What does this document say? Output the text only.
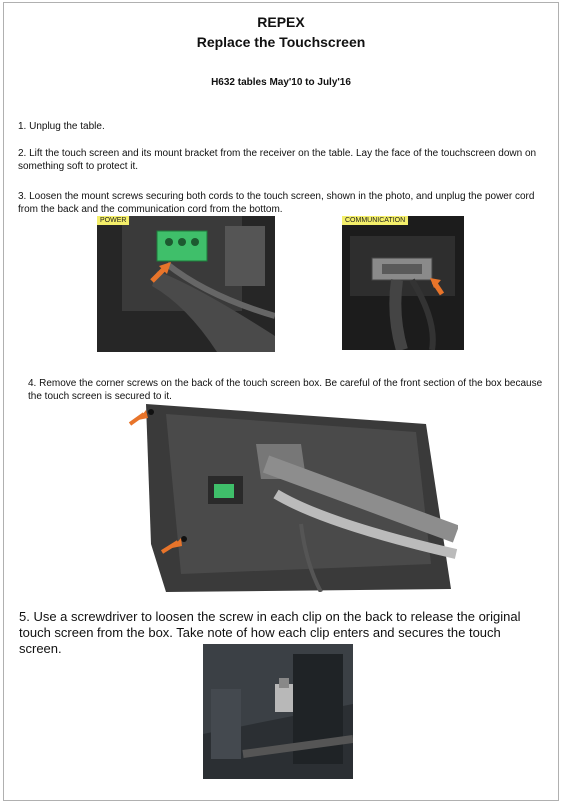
REPEX
Replace the Touchscreen
H632 tables May'10 to July'16

1. Unplug the table.

2. Lift the touch screen and its mount bracket from the receiver on the table. Lay the face of the touchscreen down on something soft to protect it.

3. Loosen the mount screws securing both cords to the touch screen, shown in the photo, and unplug the power cord from the back and the communication cord from the bottom.

POWER	COMMUNICATION

4. Remove the corner screws on the back of the touch screen box. Be careful of the front section of the box because the touch screen is secured to it.

5. Use a screwdriver to loosen the screw in each clip on the back to release the original touch screen from the box. Take note of how each clip enters and secures the touch screen.
